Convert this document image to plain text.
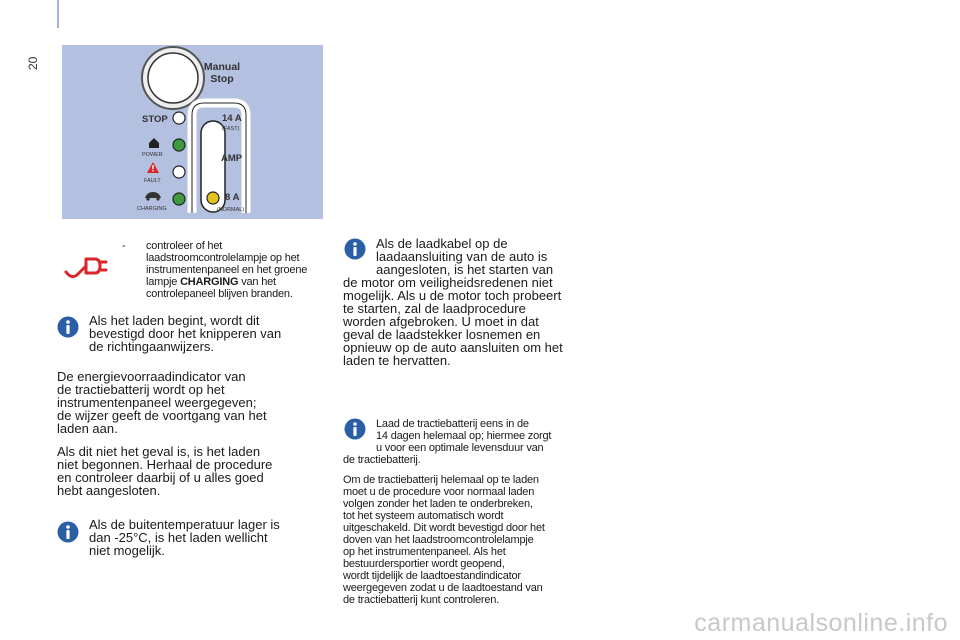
20	Manual
Stop
STOP
POWER
FAULT
CHARGING
14 A
(FAST)
AMP
8 A
(NORMAL)
- controleer of het

laadstroomcontrolelampje op het

instrumentenpaneel en het groene

lampje CHARGING van het

controlepaneel blijven branden.

Als het laden begint, wordt dit

bevestigd door het knipperen van

de richtingaanwijzers.

De energievoorraadindicator van

de tractiebatterij wordt op het

instrumentenpaneel weergegeven;

de wijzer geeft de voortgang van het

laden aan.

Als dit niet het geval is, is het laden

niet begonnen. Herhaal de procedure

en controleer daarbij of u alles goed

hebt aangesloten.

Als de buitentemperatuur lager is

dan -25°C, is het laden wellicht

niet mogelijk.

Als de laadkabel op de

laadaansluiting van de auto is

aangesloten, is het starten van

de motor om veiligheidsredenen niet

mogelijk. Als u de motor toch probeert

te starten, zal de laadprocedure

worden afgebroken. U moet in dat

geval de laadstekker losnemen en

opnieuw op de auto aansluiten om het

laden te hervatten.

Laad de tractiebatterij eens in de

14 dagen helemaal op; hiermee zorgt

u voor een optimale levensduur van

de tractiebatterij.

Om de tractiebatterij helemaal op te laden

moet u de procedure voor normaal laden

volgen zonder het laden te onderbreken,

tot het systeem automatisch wordt

uitgeschakeld. Dit wordt bevestigd door het

doven van het laadstroomcontrolelampje

op het instrumentenpaneel. Als het

bestuurdersportier wordt geopend,

wordt tijdelijk de laadtoestandindicator

weergegeven zodat u de laadtoestand van

de tractiebatterij kunt controleren.

carmanualsonline.info
